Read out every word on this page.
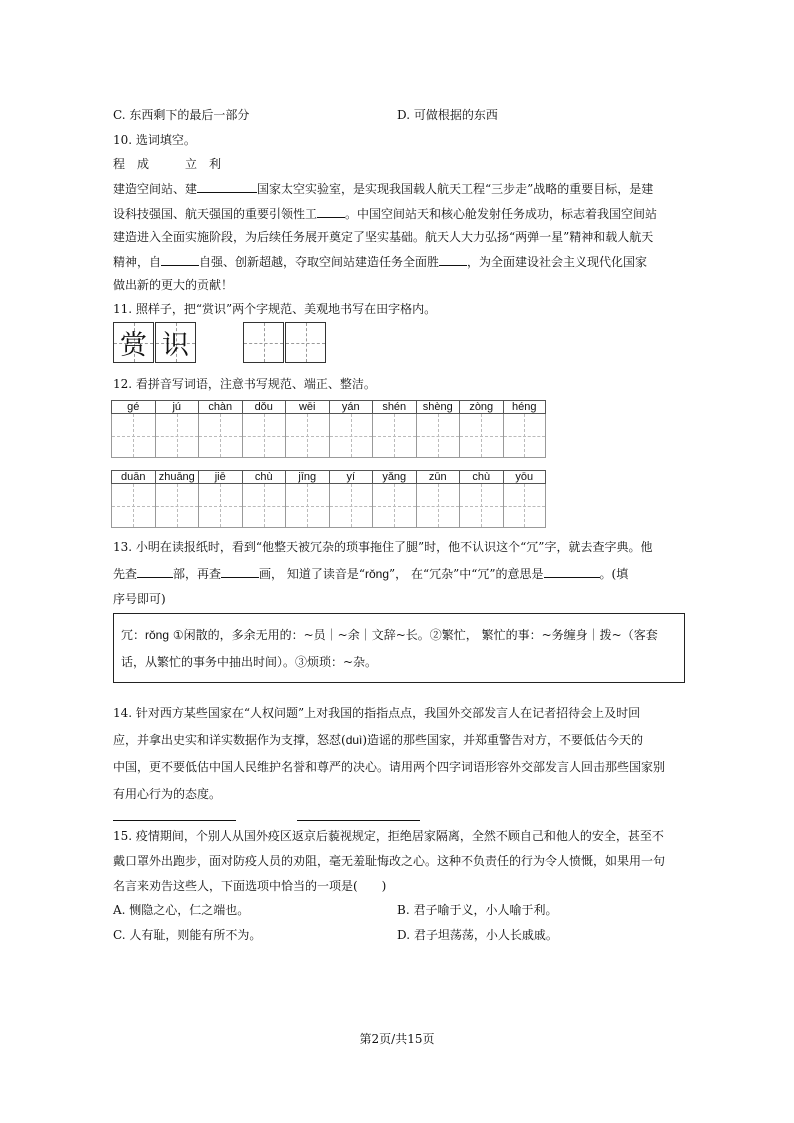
C. 东西剩下的最后一部分	D. 可做根据的东西
10. 选词填空。
程　成　　　立　利
建造空间站、建	国家太空实验室，是实现我国载人航天工程“三步走”战略的重要目标，是建
设科技强国、航天强国的重要引领性工 。中国空间站天和核心舱发射任务成功，标志着我国空间站
建造进入全面实施阶段，为后续任务展开奠定了坚实基础。航天人大力弘扬“两弹一星”精神和载人航天
精神，自	自强、创新超越，夺取空间站建造任务全面胜 ，为全面建设社会主义现代化国家
做出新的更大的贡献！
11. 照样子，把“赏识”两个字规范、美观地书写在田字格内。
赏 识
12. 看拼音写词语，注意书写规范、端正、整洁。
gé	jú	chàn	dǒu	wēi	yán	shén	shèng	zòng	héng
duān	zhuāng	jiē	chù	jīng	yí	yǎng	zūn	chù	yōu
13. 小明在读报纸时，看到“他整天被冗杂的琐事拖住了腿”时，他不认识这个“冗”字，就去查字典。他
先查	部，再查	画， 知道了读音是“rǒng”， 在“冗杂”中“冗”的意思是	。(填
序号即可)
冗：rǒng ①闲散的，多余无用的：~员｜~余｜文辞~长。②繁忙， 繁忙的事：~务缠身｜拨~（客套
话，从繁忙的事务中抽出时间）。③烦琐：~杂。
14. 针对西方某些国家在“人权问题”上对我国的指指点点，我国外交部发言人在记者招待会上及时回
应，并拿出史实和详实数据作为支撑，怒怼(duì)造谣的那些国家，并郑重警告对方，不要低估今天的
中国，更不要低估中国人民维护名誉和尊严的决心。请用两个四字词语形容外交部发言人回击那些国家别
有用心行为的态度。
15. 疫情期间，个别人从国外疫区返京后藐视规定，拒绝居家隔离，全然不顾自己和他人的安全，甚至不
戴口罩外出跑步，面对防疫人员的劝阻，毫无羞耻悔改之心。这种不负责任的行为令人愤慨，如果用一句
名言来劝告这些人，下面选项中恰当的一项是(　　)
A. 恻隐之心，仁之端也。	B. 君子喻于义，小人喻于利。
C. 人有耻，则能有所不为。	D. 君子坦荡荡，小人长戚戚。
第2页/共15页
